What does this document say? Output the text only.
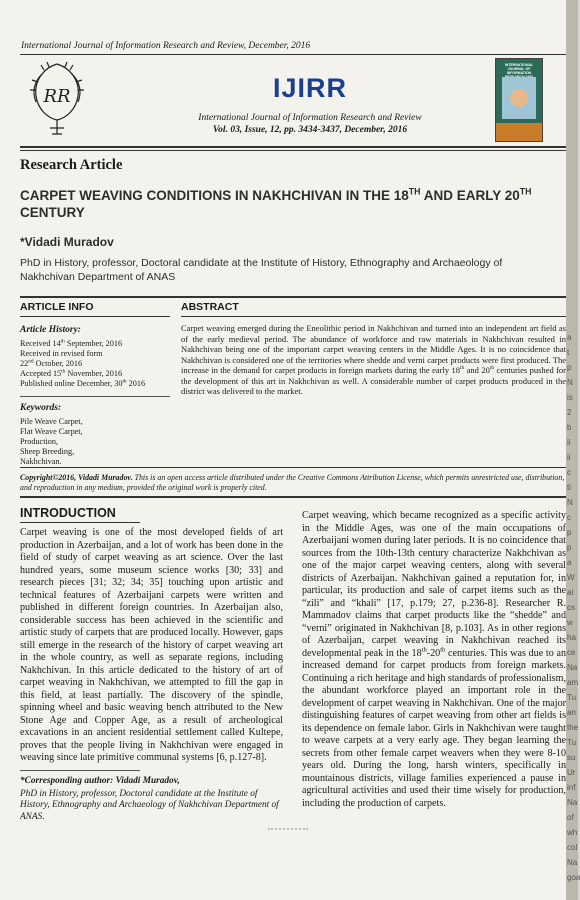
International Journal of Information Research and Review, December, 2016
RR	IJIRR
International Journal of Information Research and Review
Vol. 03, Issue, 12, pp. 3434-3437, December, 2016
INTERNATIONAL JOURNAL OF INFORMATION
Research Article
CARPET WEAVING CONDITIONS IN NAKHCHIVAN IN THE 18TH AND EARLY 20TH
CENTURY
*Vidadi Muradov
PhD in History, professor, Doctoral candidate at the Institute of History, Ethnography and Archaeology of Nakhchivan Department of ANAS
ARTICLE INFO	ABSTRACT
Article History:
Received 14th September, 2016
Received in revised form
22nd October, 2016
Accepted 15th November, 2016
Published online December, 30th 2016
Keywords:
Pile Weave Carpet,
Flat Weave Carpet,
Production,
Sheep Breeding,
Nakhchivan.
Carpet weaving emerged during the Eneolithic period in Nakhchivan and turned into an independent art field as of the early medieval period. The abundance of workforce and raw materials in Nakhchivan resulted in Nakhchivan being one of the important carpet weaving centers in the Middle Ages. It is no coincidence that Nakhchivan is considered one of the territories where shedde and verni carpet products were first produced. The increase in the demand for carpet products in foreign markets during the early 18th and 20th centuries pushed for the development of this art in Nakhchivan as well. A considerable number of carpet products produced in the district was delivered to the market.
Copyright©2016, Vidadi Muradov. This is an open access article distributed under the Creative Commons Attribution License, which permits unrestricted use, distribution, and reproduction in any medium, provided the original work is properly cited.
INTRODUCTION
Carpet weaving is one of the most developed fields of art production in Azerbaijan, and a lot of work has been done in the field of study of carpet weaving as art science. Over the last hundred years, some museum science works [30; 33] and research pieces [31; 32; 34; 35] touching upon artistic and technical features of Azerbaijani carpets were written and published in different foreign countries. In Azerbaijan also, considerable success has been achieved in the scientific and artistic study of carpets that are produced locally. However, gaps still emerge in the research of the history of carpet weaving art in the whole country, as well as separate regions, including Nakhchivan. In this article dedicated to the history of art of carpet weaving in Nakhchivan, we attempted to fill the gap in this field, at least partially. The discovery of the spindle, spinning wheel and basic weaving bench attributed to the New Stone Age and Copper Age, as a result of archeological excavations in an ancient residential settlement called Kultepe, proves that the people living in Nakhchivan were engaged in weaving since late primitive communal systems [6, p.127-8].
Carpet weaving, which became recognized as a specific activity in the Middle Ages, was one of the main occupations of Azerbaijani women during later periods. It is no coincidence that sources from the 10th-13th century characterize Nakhchivan as one of the major carpet weaving centers, along with several districts of Azerbaijan. Nakhchivan gained a reputation for, in particular, its production and sale of carpet items such as the “zili” and “khali” [17, p.179; 27, p.236-8]. Researcher R. Mammadov claims that carpet products like the “shedde” and “verni” originated in Nakhchivan [8, p.103]. As in other regions of Azerbaijan, carpet weaving in Nakhchivan reached its developmental peak in the 18th-20th centuries. This was due to an increased demand for carpet products from foreign markets. Continuing a rich heritage and high standards of professionalism, the abundant workforce played an important role in the development of carpet weaving in Nakhchivan. One of the major distinguishing features of carpet weaving from other art fields is its dependence on female labor. Girls in Nakhchivan were taught to weave carpets at a very early age. They began learning the secrets from other female carpet weavers when they were 8-10 years old. During the long, harsh winters, specifically in mountainous districts, village families experienced a pause in agricultural activities and used their time wisely for production, including the production of carpets.
*Corresponding author: Vidadi Muradov,
PhD in History, professor, Doctoral candidate at the Institute of History, Ethnography and Archaeology of Nakhchivan Department of ANAS.
a
t
p
N
is
2
b
ii
ii
c
ti
N
c
p
p
a
W
ai
cs
w
ha
ce
Na
am
Tu
an
the
Tu
su
Ur
inf
Na
of
wh
col
Na
goa
